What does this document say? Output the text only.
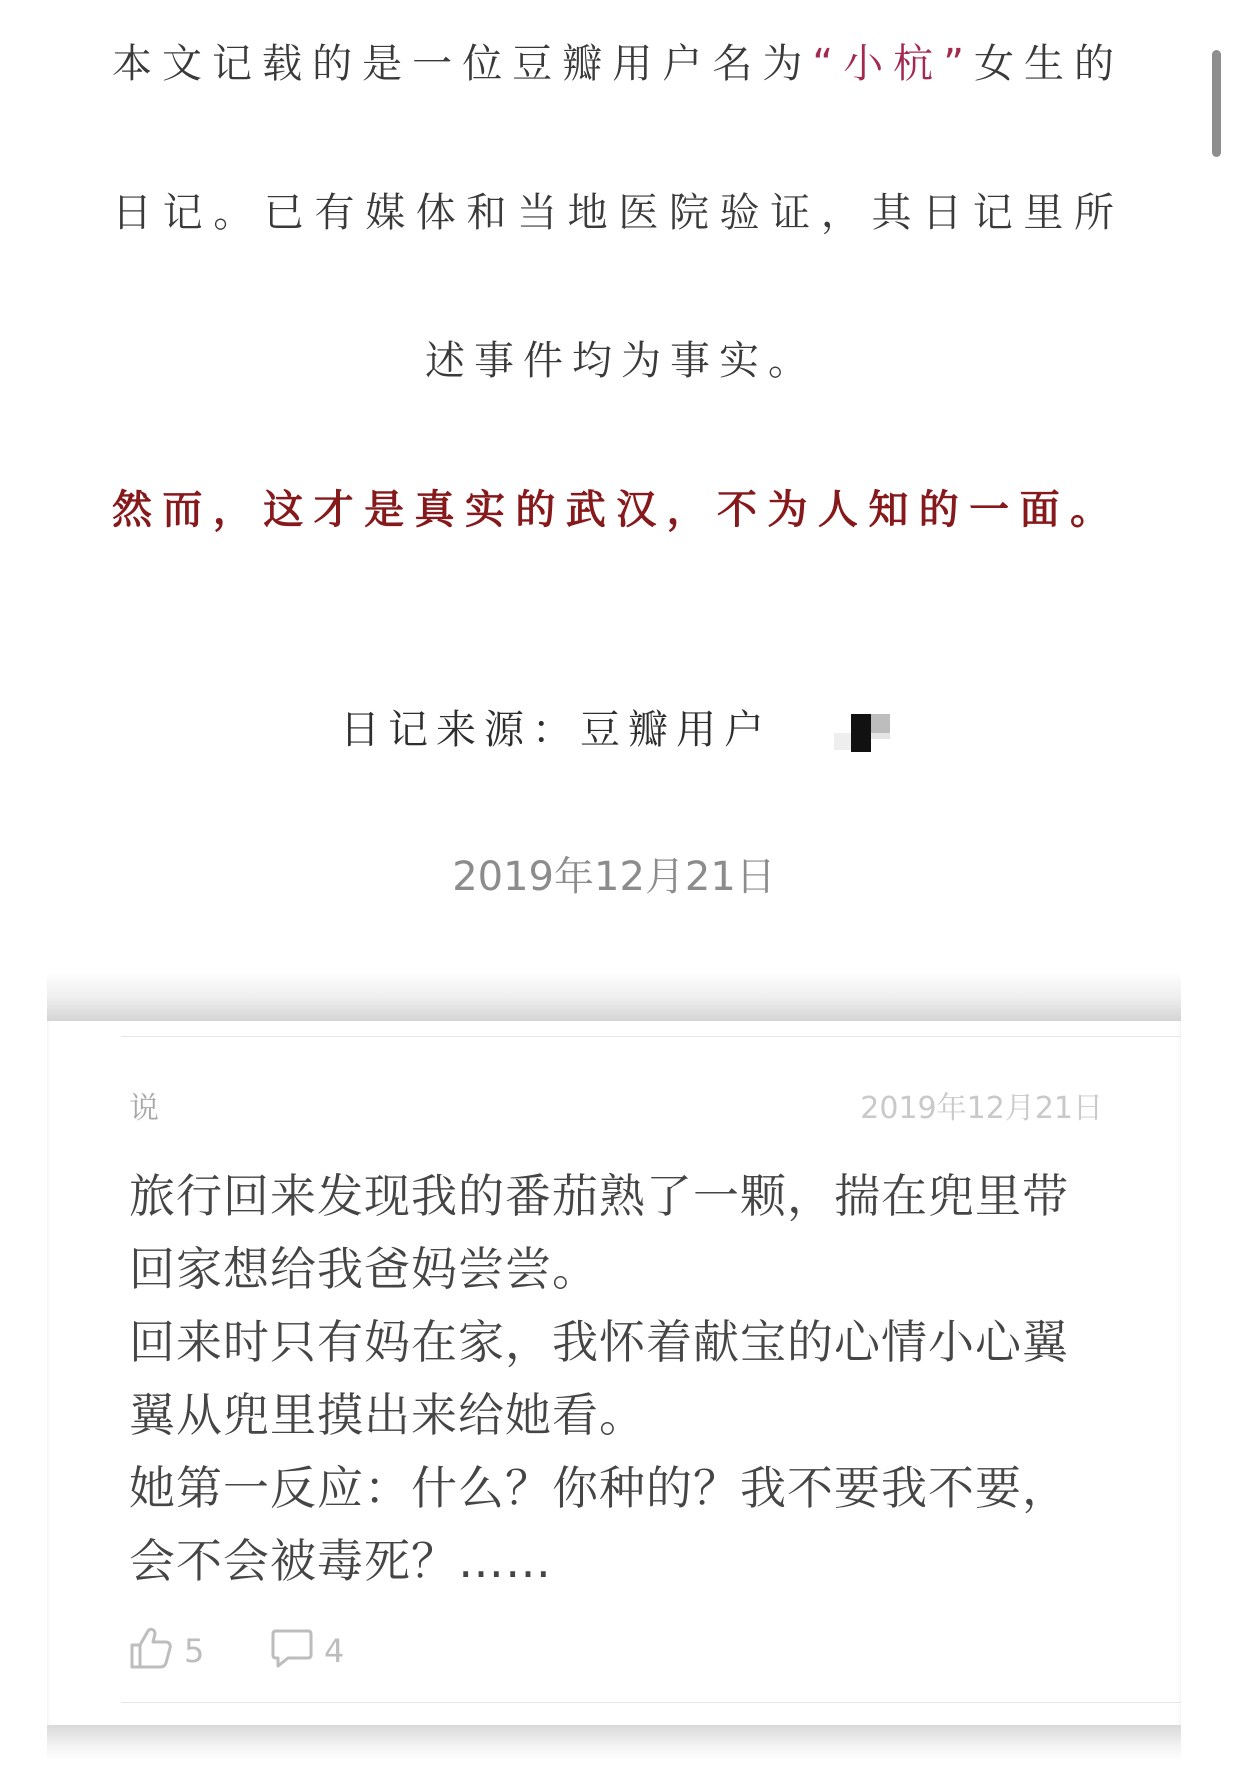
本文记载的是一位豆瓣用户名为“小杭”女生的
日记。已有媒体和当地医院验证，其日记里所
述事件均为事实。
然而，这才是真实的武汉，不为人知的一面。
日记来源：豆瓣用户
2019年12月21日
说	2019年12月21日
旅行回来发现我的番茄熟了一颗，揣在兜里带
回家想给我爸妈尝尝。
回来时只有妈在家，我怀着献宝的心情小心翼
翼从兜里摸出来给她看。
她第一反应：什么？你种的？我不要我不要，
会不会被毒死？……
5	4
